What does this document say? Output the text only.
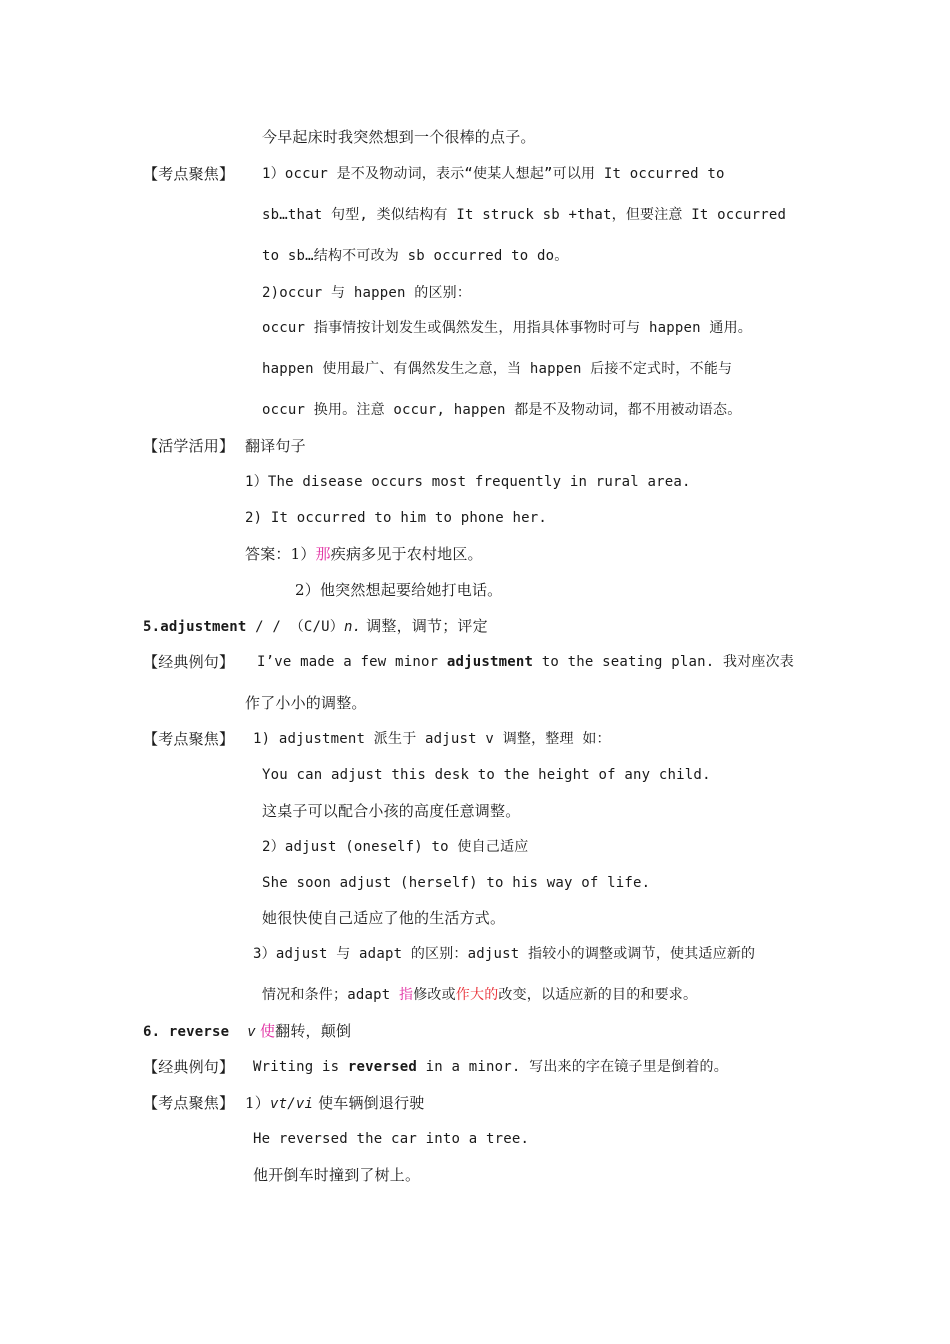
今早起床时我突然想到一个很棒的点子。
【考点聚焦】 1）occur 是不及物动词，表示“使某人想起”可以用 It occurred to
sb…that 句型, 类似结构有 It struck sb +that，但要注意 It occurred
to sb…结构不可改为 sb occurred to do。
2)occur 与 happen 的区别：
occur 指事情按计划发生或偶然发生，用指具体事物时可与 happen 通用。
happen 使用最广、有偶然发生之意，当 happen 后接不定式时，不能与
occur 换用。注意 occur, happen 都是不及物动词，都不用被动语态。
【活学活用】 翻译句子
1）The disease occurs most frequently in rural area.
2) It occurred to him to phone her.
答案：1）那疾病多见于农村地区。
2）他突然想起要给她打电话。
5.adjustment / / （C/U）n. 调整，调节；评定
【经典例句】 I’ve made a few minor adjustment to the seating plan. 我对座次表
作了小小的调整。
【考点聚焦】 1) adjustment 派生于 adjust v 调整，整理 如：
You can adjust this desk to the height of any child.
这桌子可以配合小孩的高度任意调整。
2）adjust (oneself) to 使自己适应
She soon adjust (herself) to his way of life.
她很快使自己适应了他的生活方式。
3）adjust 与 adapt 的区别：adjust 指较小的调整或调节，使其适应新的
情况和条件；adapt 指修改或作大的改变，以适应新的目的和要求。
6. reverse v 使翻转，颠倒
【经典例句】 Writing is reversed in a minor. 写出来的字在镜子里是倒着的。
【考点聚焦】 1）vt/vi 使车辆倒退行驶
He reversed the car into a tree.
他开倒车时撞到了树上。
